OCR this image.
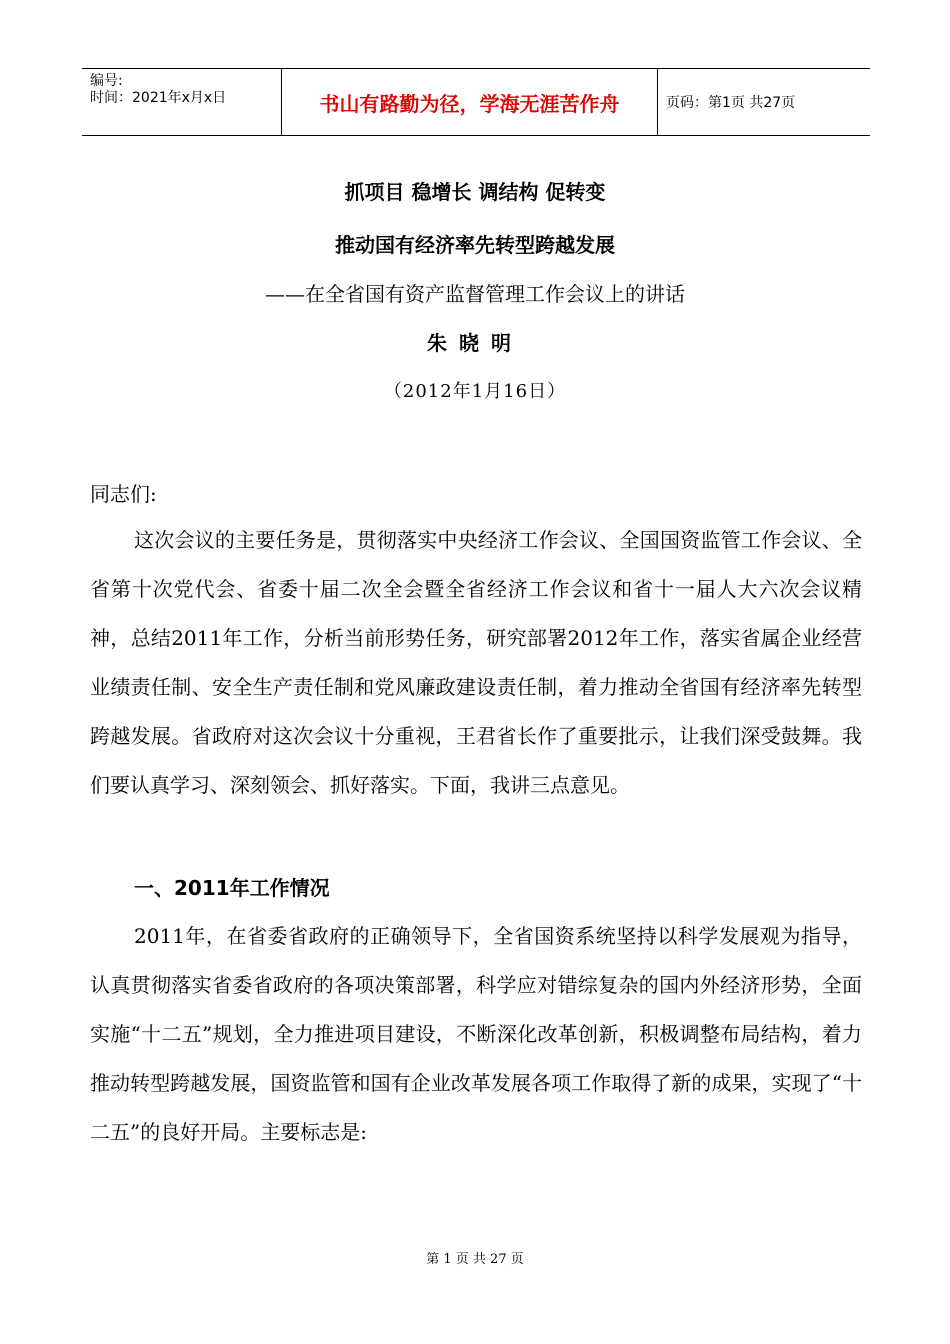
编号:
时间：2021年x月x日	书山有路勤为径，学海无涯苦作舟	页码：第1页 共27页
抓项目 稳增长 调结构 促转变
推动国有经济率先转型跨越发展
——在全省国有资产监督管理工作会议上的讲话
朱晓明
（2012年1月16日）
同志们:

这次会议的主要任务是，贯彻落实中央经济工作会议、全国国资监管工作会议、全省第十次党代会、省委十届二次全会暨全省经济工作会议和省十一届人大六次会议精神，总结2011年工作，分析当前形势任务，研究部署2012年工作，落实省属企业经营业绩责任制、安全生产责任制和党风廉政建设责任制，着力推动全省国有经济率先转型跨越发展。省政府对这次会议十分重视，王君省长作了重要批示，让我们深受鼓舞。我们要认真学习、深刻领会、抓好落实。下面，我讲三点意见。

一、2011年工作情况

2011年，在省委省政府的正确领导下，全省国资系统坚持以科学发展观为指导，认真贯彻落实省委省政府的各项决策部署，科学应对错综复杂的国内外经济形势，全面实施“十二五”规划，全力推进项目建设，不断深化改革创新，积极调整布局结构，着力推动转型跨越发展，国资监管和国有企业改革发展各项工作取得了新的成果，实现了“十二五”的良好开局。主要标志是:

第 1 页 共 27 页
